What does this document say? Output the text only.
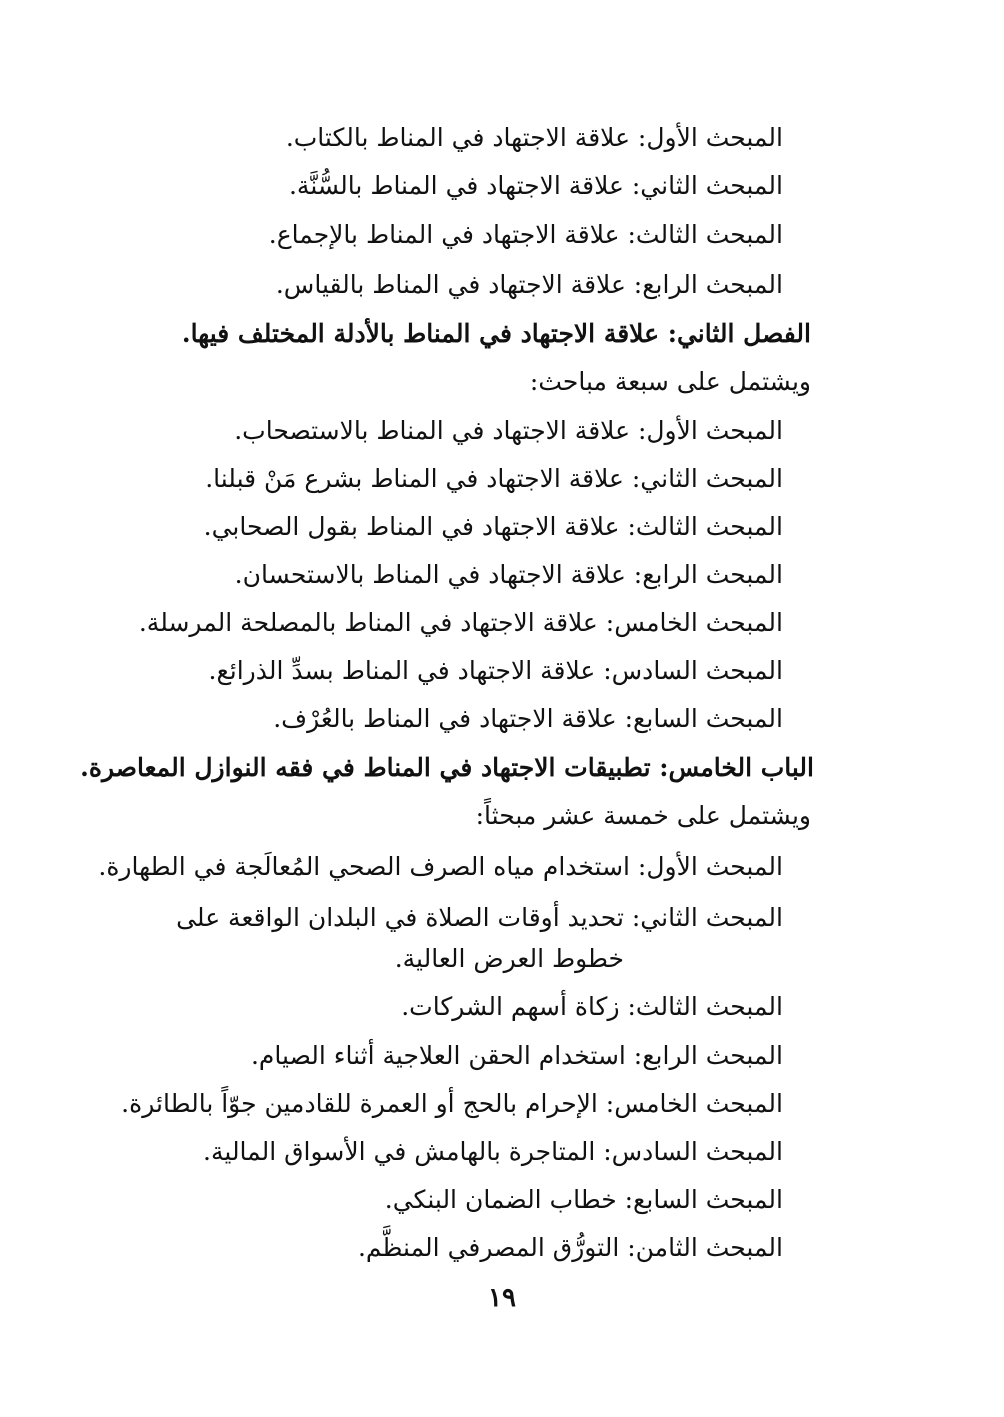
المبحث الأول: علاقة الاجتهاد في المناط بالكتاب.
المبحث الثاني: علاقة الاجتهاد في المناط بالسُّنَّة.
المبحث الثالث: علاقة الاجتهاد في المناط بالإجماع.
المبحث الرابع: علاقة الاجتهاد في المناط بالقياس.
الفصل الثاني: علاقة الاجتهاد في المناط بالأدلة المختلف فيها.
ويشتمل على سبعة مباحث:
المبحث الأول: علاقة الاجتهاد في المناط بالاستصحاب.
المبحث الثاني: علاقة الاجتهاد في المناط بشرع مَنْ قبلنا.
المبحث الثالث: علاقة الاجتهاد في المناط بقول الصحابي.
المبحث الرابع: علاقة الاجتهاد في المناط بالاستحسان.
المبحث الخامس: علاقة الاجتهاد في المناط بالمصلحة المرسلة.
المبحث السادس: علاقة الاجتهاد في المناط بسدِّ الذرائع.
المبحث السابع: علاقة الاجتهاد في المناط بالعُرْف.
الباب الخامس: تطبيقات الاجتهاد في المناط في فقه النوازل المعاصرة.
ويشتمل على خمسة عشر مبحثاً:
المبحث الأول: استخدام مياه الصرف الصحي المُعالَجة في الطهارة.
المبحث الثاني: تحديد أوقات الصلاة في البلدان الواقعة على
خطوط العرض العالية.
المبحث الثالث: زكاة أسهم الشركات.
المبحث الرابع: استخدام الحقن العلاجية أثناء الصيام.
المبحث الخامس: الإحرام بالحج أو العمرة للقادمين جوّاً بالطائرة.
المبحث السادس: المتاجرة بالهامش في الأسواق المالية.
المبحث السابع: خطاب الضمان البنكي.
المبحث الثامن: التورُّق المصرفي المنظَّم.
١٩
